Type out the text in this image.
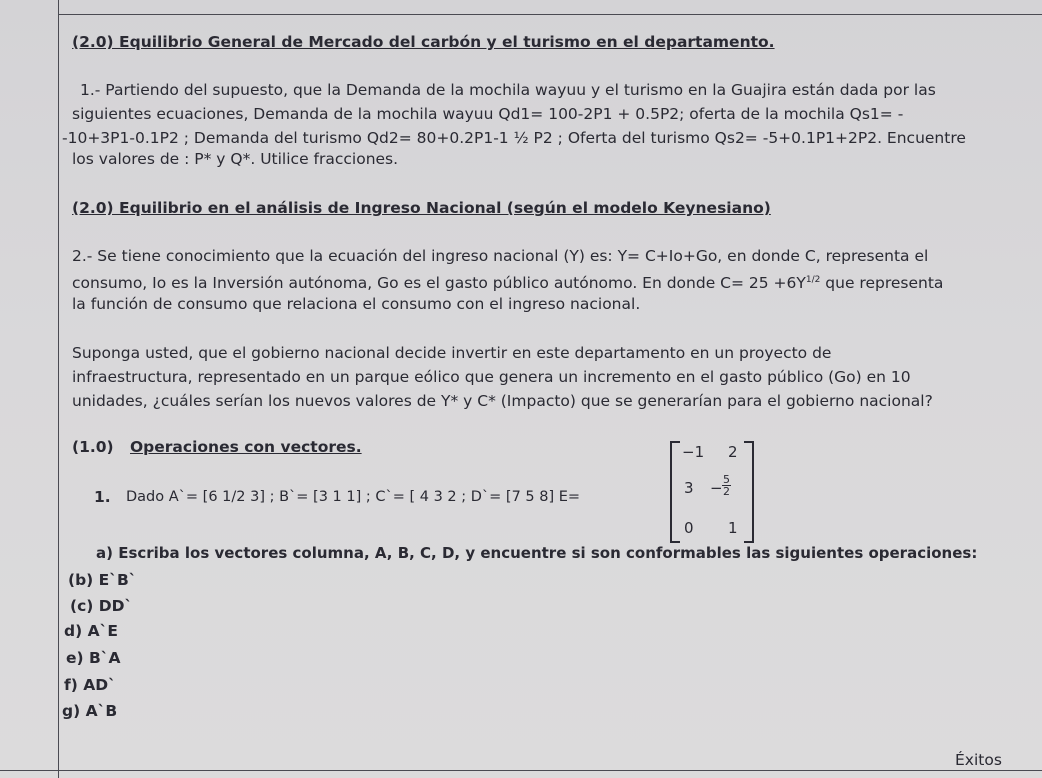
(2.0) Equilibrio General de Mercado del carbón y el turismo en el departamento.
1.- Partiendo del supuesto, que la Demanda de la mochila wayuu y el turismo en la Guajira están dada por las
siguientes ecuaciones, Demanda de la mochila wayuu Qd1= 100-2P1 + 0.5P2; oferta de la mochila Qs1= -
-10+3P1-0.1P2 ; Demanda del turismo Qd2= 80+0.2P1-1 ½ P2 ; Oferta del turismo Qs2= -5+0.1P1+2P2. Encuentre
los valores de : P* y Q*. Utilice fracciones.
(2.0) Equilibrio en el análisis de Ingreso Nacional (según el modelo Keynesiano)
2.- Se tiene conocimiento que la ecuación del ingreso nacional (Y) es: Y= C+Io+Go, en donde C, representa el
consumo, Io es la Inversión autónoma, Go es el gasto público autónomo. En donde $C= 25 +6Y^{1/2}$ que representa
la función de consumo que relaciona el consumo con el ingreso nacional.
Suponga usted, que el gobierno nacional decide invertir en este departamento en un proyecto de
infraestructura, representado en un parque eólico que genera un incremento en el gasto público (Go) en 10
unidades, ¿cuáles serían los nuevos valores de Y* y C* (Impacto) que se generarían para el gobierno nacional?
(1.0) Operaciones con vectores.
1. Dado A`= [6 1/2 3] ; B`= [3 1 1] ; C`= [ 4 3 2 ; D`= [7 5 8] E=
−1 2
$3 - \frac{5}{2}$
0 1
a) Escriba los vectores columna, A, B, C, D, y encuentre si son conformables las siguientes operaciones:
(b) E`B`
(c) DD`
d) A`E
e) B`A
f) AD`
g) A`B
Éxitos
